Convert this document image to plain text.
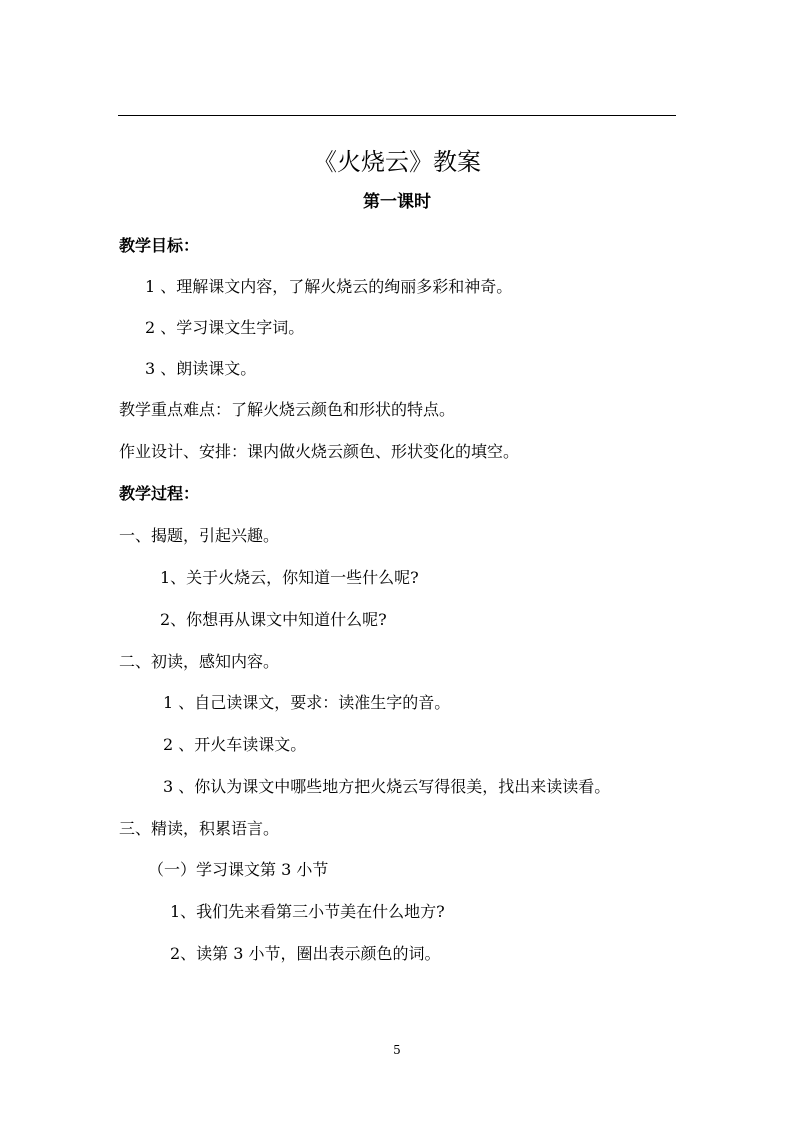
《火烧云》教案
第一课时
教学目标：
1 、理解课文内容，了解火烧云的绚丽多彩和神奇。
2 、学习课文生字词。
3 、朗读课文。
教学重点难点：了解火烧云颜色和形状的特点。
作业设计、安排：课内做火烧云颜色、形状变化的填空。
教学过程：
一、揭题，引起兴趣。
1、关于火烧云，你知道一些什么呢?
2、你想再从课文中知道什么呢?
二、初读，感知内容。
1 、自己读课文，要求：读准生字的音。
2 、开火车读课文。
3 、你认为课文中哪些地方把火烧云写得很美，找出来读读看。
三、精读，积累语言。
（一）学习课文第 3 小节
1、我们先来看第三小节美在什么地方?
2、读第 3 小节，圈出表示颜色的词。
5
